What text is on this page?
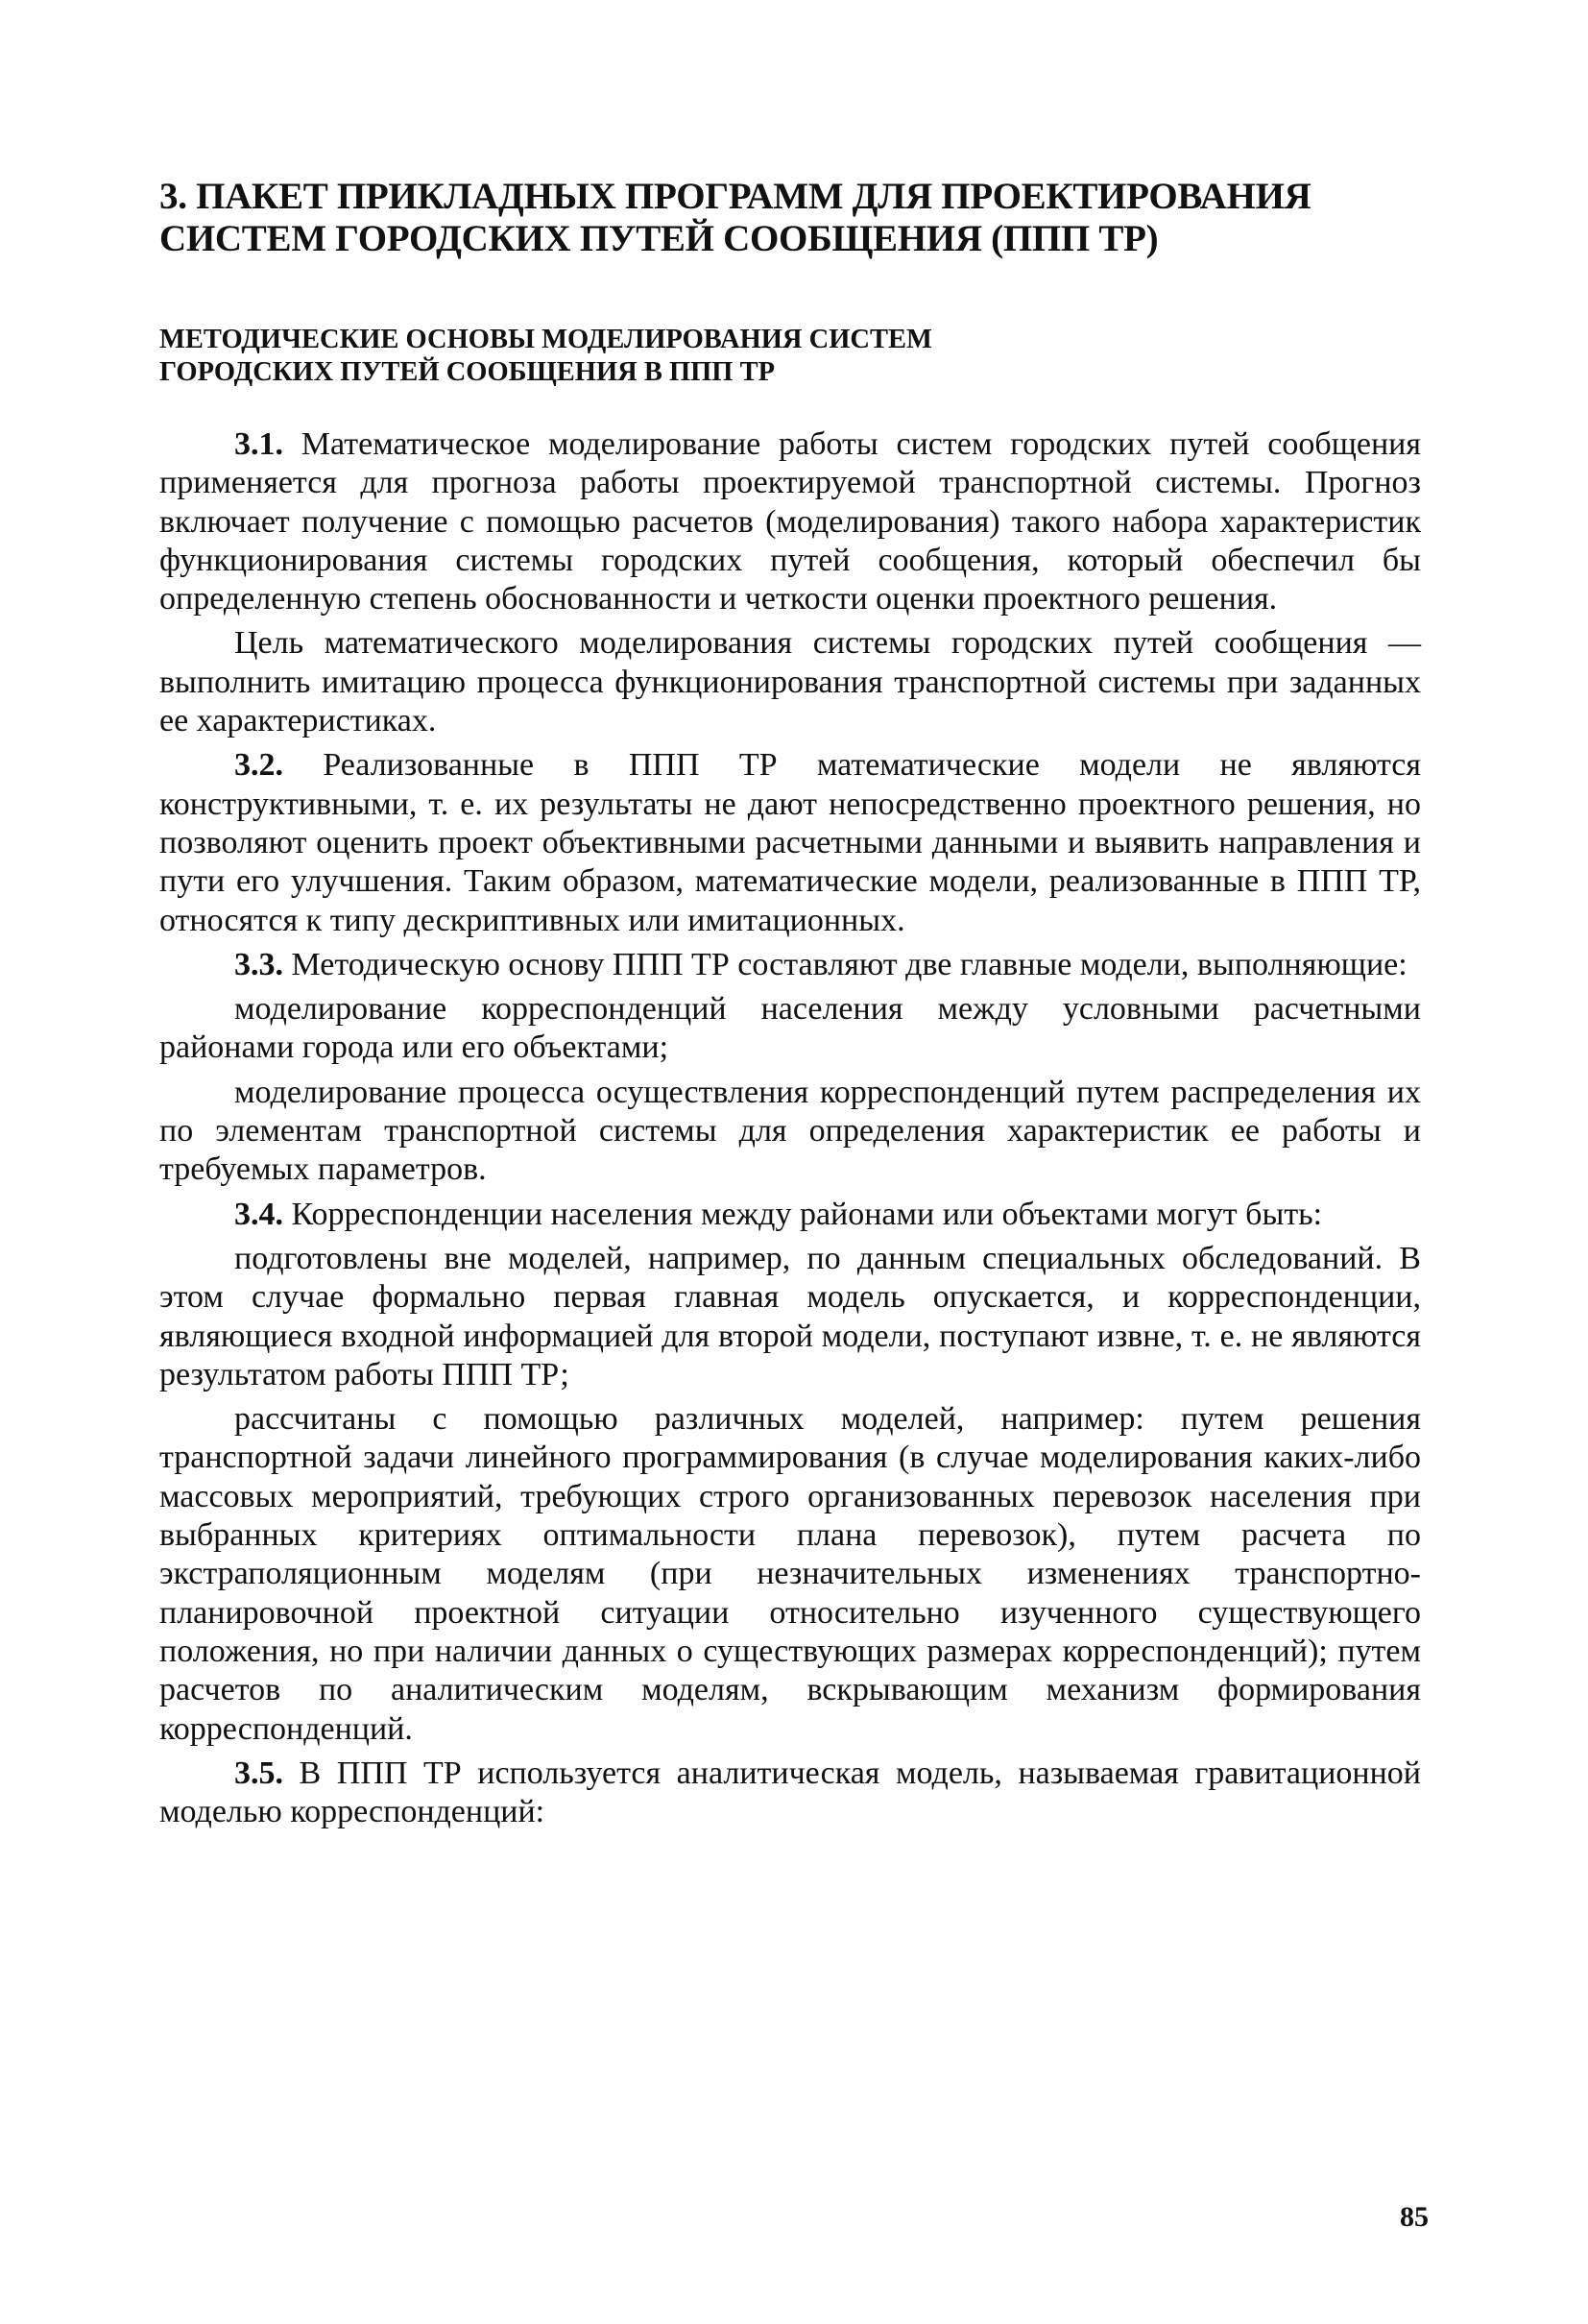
3. ПАКЕТ ПРИКЛАДНЫХ ПРОГРАММ ДЛЯ ПРОЕКТИРОВАНИЯ
СИСТЕМ ГОРОДСКИХ ПУТЕЙ СООБЩЕНИЯ (ППП ТР)
МЕТОДИЧЕСКИЕ ОСНОВЫ МОДЕЛИРОВАНИЯ СИСТЕМ
ГОРОДСКИХ ПУТЕЙ СООБЩЕНИЯ В ППП ТР

3.1. Математическое моделирование работы систем городских путей сообщения применяется для прогноза работы проектируемой транспортной системы. Прогноз включает получение с помощью расчетов (моделирования) такого набора характеристик функционирования системы городских путей сообщения, который обеспечил бы определенную степень обоснованности и четкости оценки проектного решения.

Цель математического моделирования системы городских путей сообщения — выполнить имитацию процесса функционирования транспортной системы при заданных ее характеристиках.

3.2. Реализованные в ППП ТР математические модели не являются конструктивными, т. е. их результаты не дают непосредственно проектного решения, но позволяют оценить проект объективными расчетными данными и выявить направления и пути его улучшения. Таким образом, математические модели, реализованные в ППП ТР, относятся к типу дескриптивных или имитационных.

3.3. Методическую основу ППП ТР составляют две главные модели, выполняющие:

моделирование корреспонденций населения между условными расчетными районами города или его объектами;

моделирование процесса осуществления корреспонденций путем распределения их по элементам транспортной системы для определения характеристик ее работы и требуемых параметров.

3.4. Корреспонденции населения между районами или объектами могут быть:

подготовлены вне моделей, например, по данным специальных обследований. В этом случае формально первая главная модель опускается, и корреспонденции, являющиеся входной информацией для второй модели, поступают извне, т. е. не являются результатом работы ППП ТР;

рассчитаны с помощью различных моделей, например: путем решения транспортной задачи линейного программирования (в случае моделирования каких-либо массовых мероприятий, требующих строго организованных перевозок населения при выбранных критериях оптимальности плана перевозок), путем расчета по экстраполяционным моделям (при незначительных изменениях транспортно-планировочной проектной ситуации относительно изученного существующего положения, но при наличии данных о существующих размерах корреспонденций); путем расчетов по аналитическим моделям, вскрывающим механизм формирования корреспонденций.

3.5. В ППП ТР используется аналитическая модель, называемая гравитационной моделью корреспонденций:

85
